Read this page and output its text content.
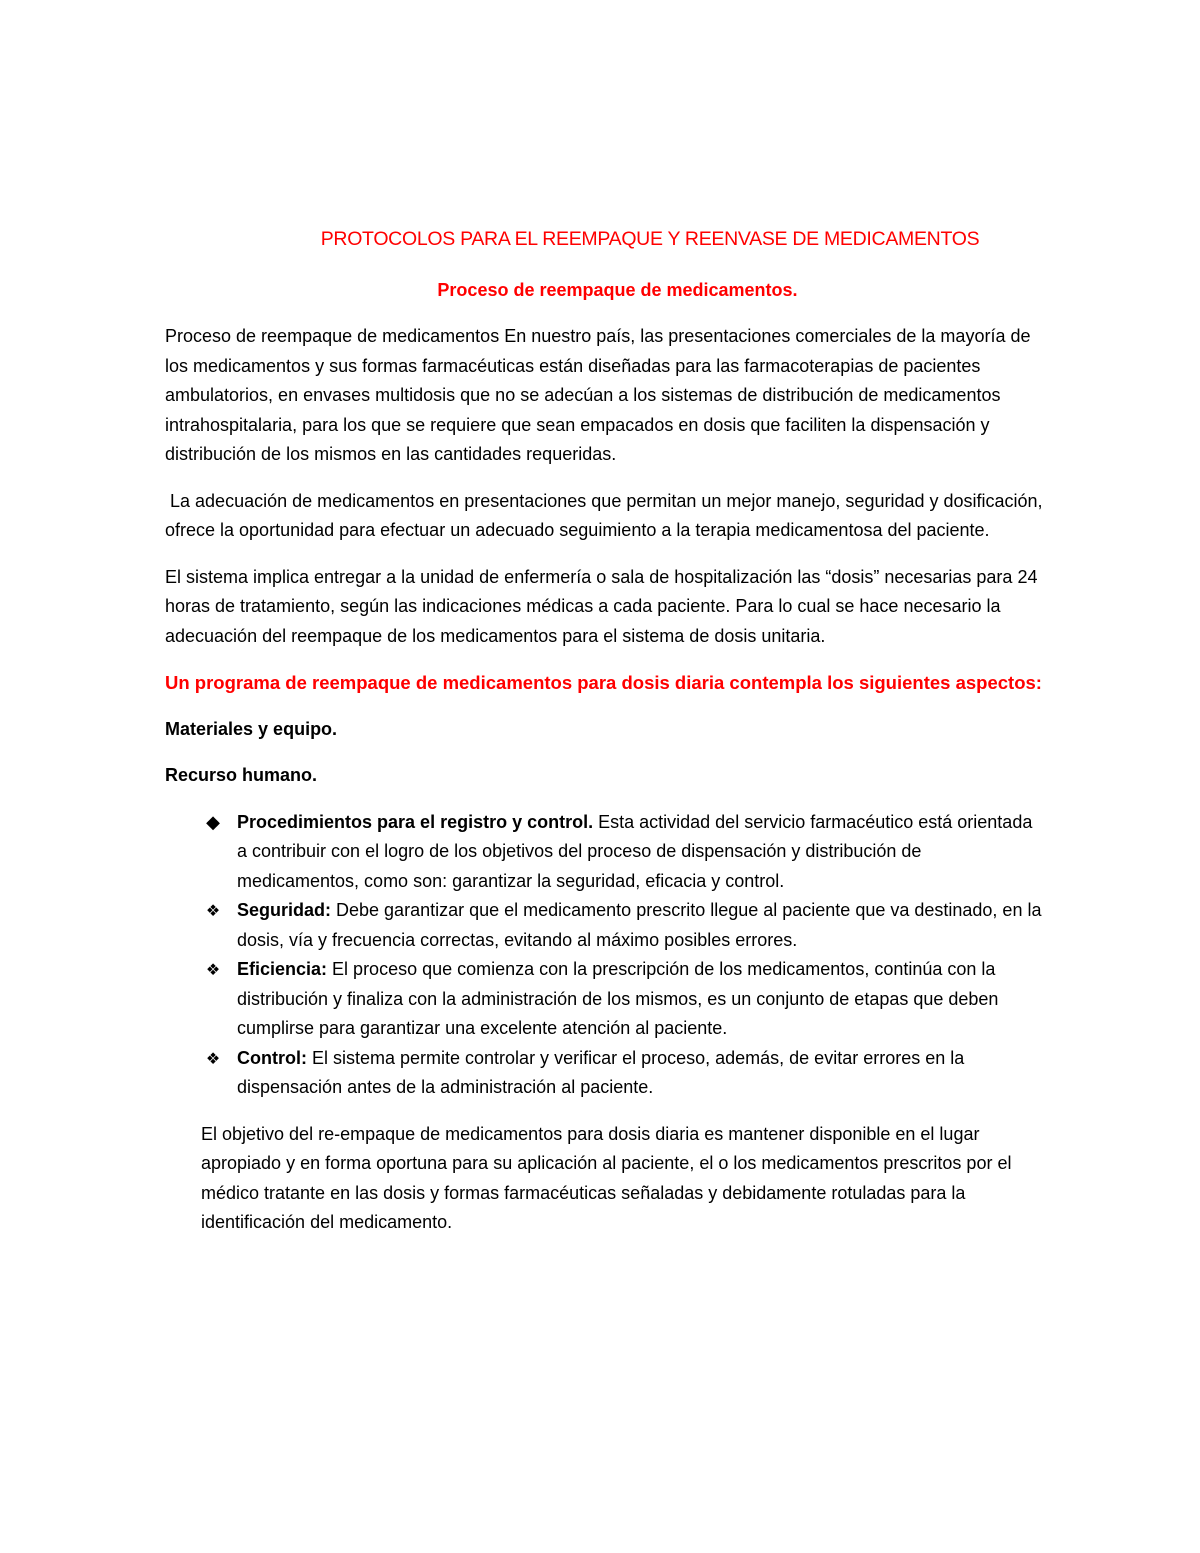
PROTOCOLOS PARA EL REEMPAQUE Y REENVASE DE MEDICAMENTOS
Proceso de reempaque de medicamentos.

Proceso de reempaque de medicamentos En nuestro país, las presentaciones comerciales de la mayoría de los medicamentos y sus formas farmacéuticas están diseñadas para las farmacoterapias de pacientes ambulatorios, en envases multidosis que no se adecúan a los sistemas de distribución de medicamentos intrahospitalaria, para los que se requiere que sean empacados en dosis que faciliten la dispensación y distribución de los mismos en las cantidades requeridas.

La adecuación de medicamentos en presentaciones que permitan un mejor manejo, seguridad y dosificación, ofrece la oportunidad para efectuar un adecuado seguimiento a la terapia medicamentosa del paciente.

El sistema implica entregar a la unidad de enfermería o sala de hospitalización las “dosis” necesarias para 24 horas de tratamiento, según las indicaciones médicas a cada paciente. Para lo cual se hace necesario la adecuación del reempaque de los medicamentos para el sistema de dosis unitaria.

Un programa de reempaque de medicamentos para dosis diaria contempla los siguientes aspectos:
Materiales y equipo.
Recurso humano.
◆ Procedimientos para el registro y control. Esta actividad del servicio farmacéutico está orientada a contribuir con el logro de los objetivos del proceso de dispensación y distribución de medicamentos, como son: garantizar la seguridad, eficacia y control.
❖ Seguridad: Debe garantizar que el medicamento prescrito llegue al paciente que va destinado, en la dosis, vía y frecuencia correctas, evitando al máximo posibles errores.
❖ Eficiencia: El proceso que comienza con la prescripción de los medicamentos, continúa con la distribución y finaliza con la administración de los mismos, es un conjunto de etapas que deben cumplirse para garantizar una excelente atención al paciente.
❖ Control: El sistema permite controlar y verificar el proceso, además, de evitar errores en la dispensación antes de la administración al paciente.

El objetivo del re-empaque de medicamentos para dosis diaria es mantener disponible en el lugar apropiado y en forma oportuna para su aplicación al paciente, el o los medicamentos prescritos por el médico tratante en las dosis y formas farmacéuticas señaladas y debidamente rotuladas para la identificación del medicamento.
